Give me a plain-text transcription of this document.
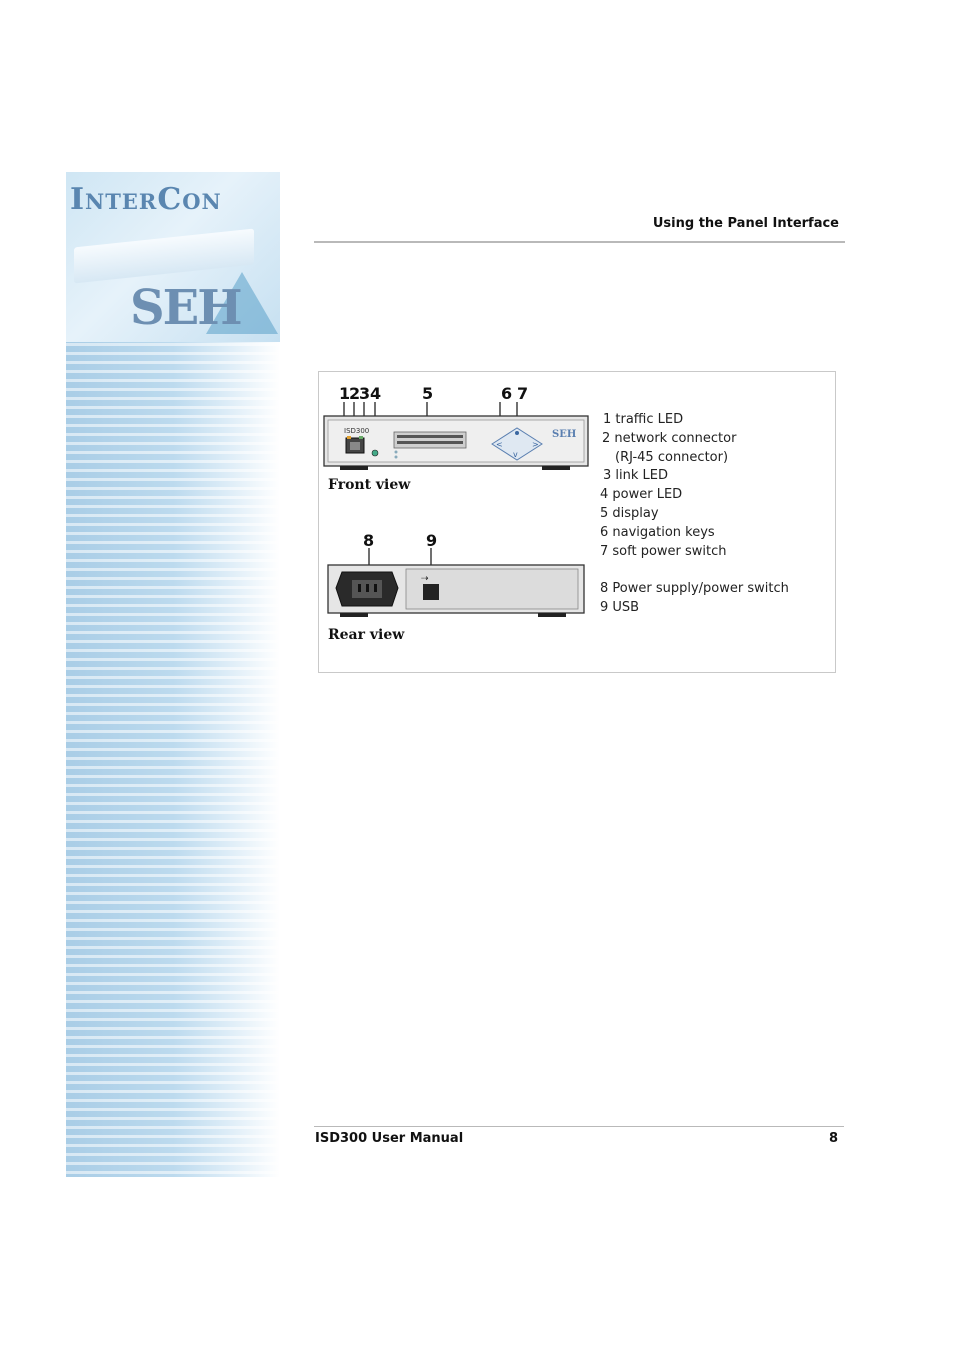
InterCon
SEH
Using the Panel Interface
1
2
3 4	5	6 7
ISD300
<	>
v
SEH
Front view
8	9
⇢
Rear view
1 traffic LED
2 network connector
(RJ-45 connector)
3 link LED
4 power LED
5 display
6 navigation keys
7 soft power switch
8 Power supply/power switch
9 USB
ISD300 User Manual	8
